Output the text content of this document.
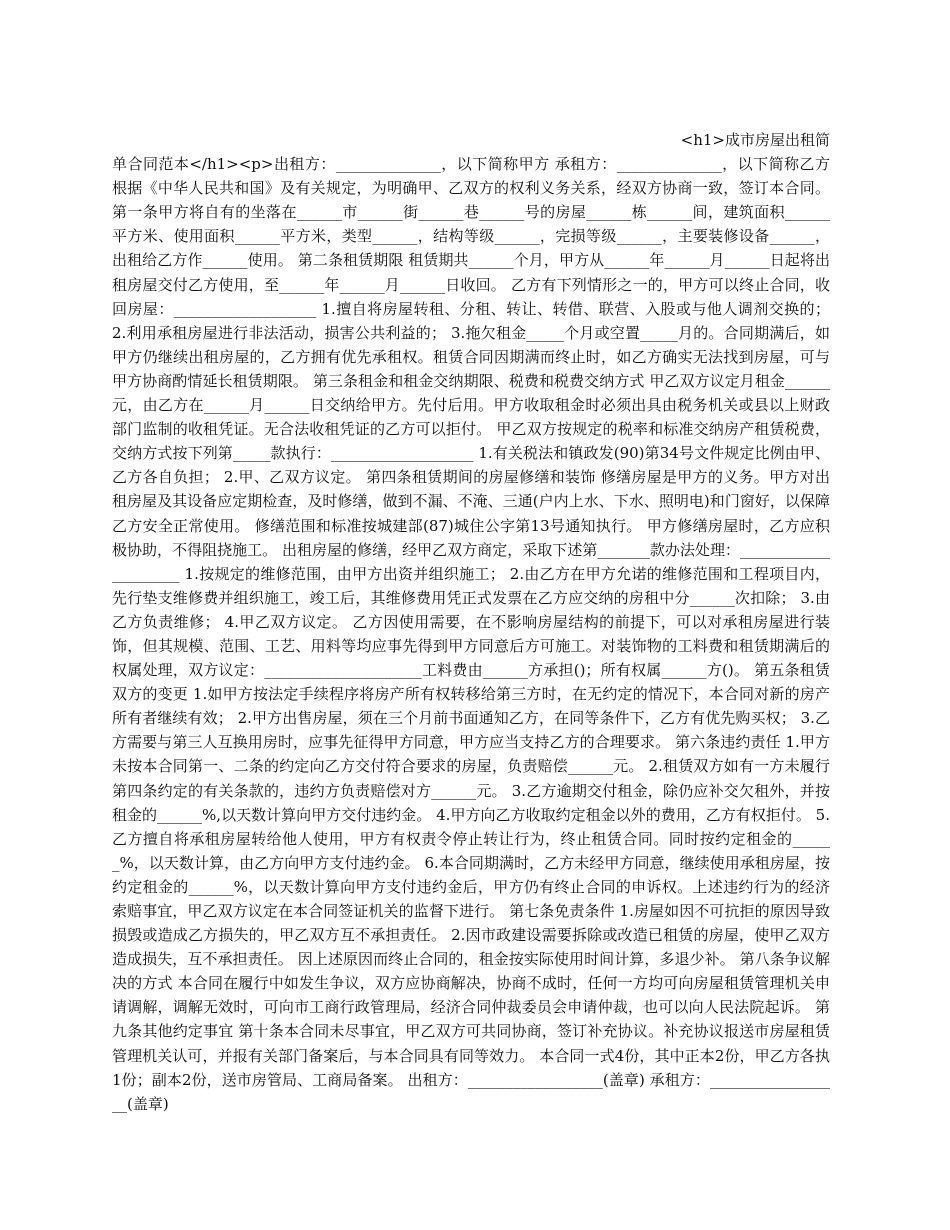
<h1>成市房屋出租简

单合同范本</h1><p>出租方：______________，以下简称甲方 承租方：______________，以下简称乙方 根据《中华人民共和国》及有关规定，为明确甲、乙双方的权利义务关系，经双方协商一致，签订本合同。 第一条甲方将自有的坐落在______市______街______巷______号的房屋______栋______间，建筑面积______平方米、使用面积______平方米，类型______，结构等级______，完损等级______，主要装修设备______，出租给乙方作______使用。 第二条租赁期限 租赁期共______个月，甲方从______年______月______日起将出租房屋交付乙方使用，至______年______月______日收回。 乙方有下列情形之一的，甲方可以终止合同，收回房屋：___________________ 1.擅自将房屋转租、分租、转让、转借、联营、入股或与他人调剂交换的； 2.利用承租房屋进行非法活动，损害公共利益的； 3.拖欠租金_____个月或空置_____月的。合同期满后，如甲方仍继续出租房屋的，乙方拥有优先承租权。租赁合同因期满而终止时，如乙方确实无法找到房屋，可与甲方协商酌情延长租赁期限。 第三条租金和租金交纳期限、税费和税费交纳方式 甲乙双方议定月租金______元，由乙方在______月______日交纳给甲方。先付后用。甲方收取租金时必须出具由税务机关或县以上财政部门监制的收租凭证。无合法收租凭证的乙方可以拒付。 甲乙双方按规定的税率和标准交纳房产租赁税费，交纳方式按下列第_____款执行：___________________ 1.有关税法和镇政发(90)第34号文件规定比例由甲、乙方各自负担； 2.甲、乙双方议定。 第四条租赁期间的房屋修缮和装饰 修缮房屋是甲方的义务。甲方对出租房屋及其设备应定期检查，及时修缮，做到不漏、不淹、三通(户内上水、下水、照明电)和门窗好，以保障乙方安全正常使用。 修缮范围和标准按城建部(87)城住公字第13号通知执行。 甲方修缮房屋时，乙方应积极协助，不得阻挠施工。 出租房屋的修缮，经甲乙双方商定，采取下述第_______款办法处理：_____________________ 1.按规定的维修范围，由甲方出资并组织施工； 2.由乙方在甲方允诺的维修范围和工程项目内，先行垫支维修费并组织施工，竣工后，其维修费用凭正式发票在乙方应交纳的房租中分______次扣除； 3.由乙方负责维修； 4.甲乙双方议定。 乙方因使用需要，在不影响房屋结构的前提下，可以对承租房屋进行装饰，但其规模、范围、工艺、用料等均应事先得到甲方同意后方可施工。对装饰物的工料费和租赁期满后的权属处理，双方议定：_____________________工料费由______方承担()；所有权属______方()。 第五条租赁双方的变更 1.如甲方按法定手续程序将房产所有权转移给第三方时，在无约定的情况下，本合同对新的房产所有者继续有效； 2.甲方出售房屋，须在三个月前书面通知乙方，在同等条件下，乙方有优先购买权； 3.乙方需要与第三人互换用房时，应事先征得甲方同意，甲方应当支持乙方的合理要求。 第六条违约责任 1.甲方未按本合同第一、二条的约定向乙方交付符合要求的房屋，负责赔偿______元。 2.租赁双方如有一方未履行第四条约定的有关条款的，违约方负责赔偿对方______元。 3.乙方逾期交付租金，除仍应补交欠租外，并按租金的______%,以天数计算向甲方交付违约金。 4.甲方向乙方收取约定租金以外的费用，乙方有权拒付。 5.乙方擅自将承租房屋转给他人使用，甲方有权责令停止转让行为，终止租赁合同。同时按约定租金的______%，以天数计算，由乙方向甲方支付违约金。 6.本合同期满时，乙方未经甲方同意，继续使用承租房屋，按约定租金的______%，以天数计算向甲方支付违约金后，甲方仍有终止合同的申诉权。上述违约行为的经济索赔事宜，甲乙双方议定在本合同签证机关的监督下进行。 第七条免责条件 1.房屋如因不可抗拒的原因导致损毁或造成乙方损失的，甲乙双方互不承担责任。 2.因市政建设需要拆除或改造已租赁的房屋，使甲乙双方造成损失，互不承担责任。 因上述原因而终止合同的，租金按实际使用时间计算，多退少补。 第八条争议解决的方式 本合同在履行中如发生争议，双方应协商解决，协商不成时，任何一方均可向房屋租赁管理机关申请调解，调解无效时，可向市工商行政管理局，经济合同仲裁委员会申请仲裁，也可以向人民法院起诉。 第九条其他约定事宜 第十条本合同未尽事宜，甲乙双方可共同协商，签订补充协议。补充协议报送市房屋租赁管理机关认可，并报有关部门备案后，与本合同具有同等效力。 本合同一式4份，其中正本2份，甲乙方各执1份；副本2份，送市房管局、工商局备案。 出租方：__________________(盖章) 承租方：__________________(盖章)
